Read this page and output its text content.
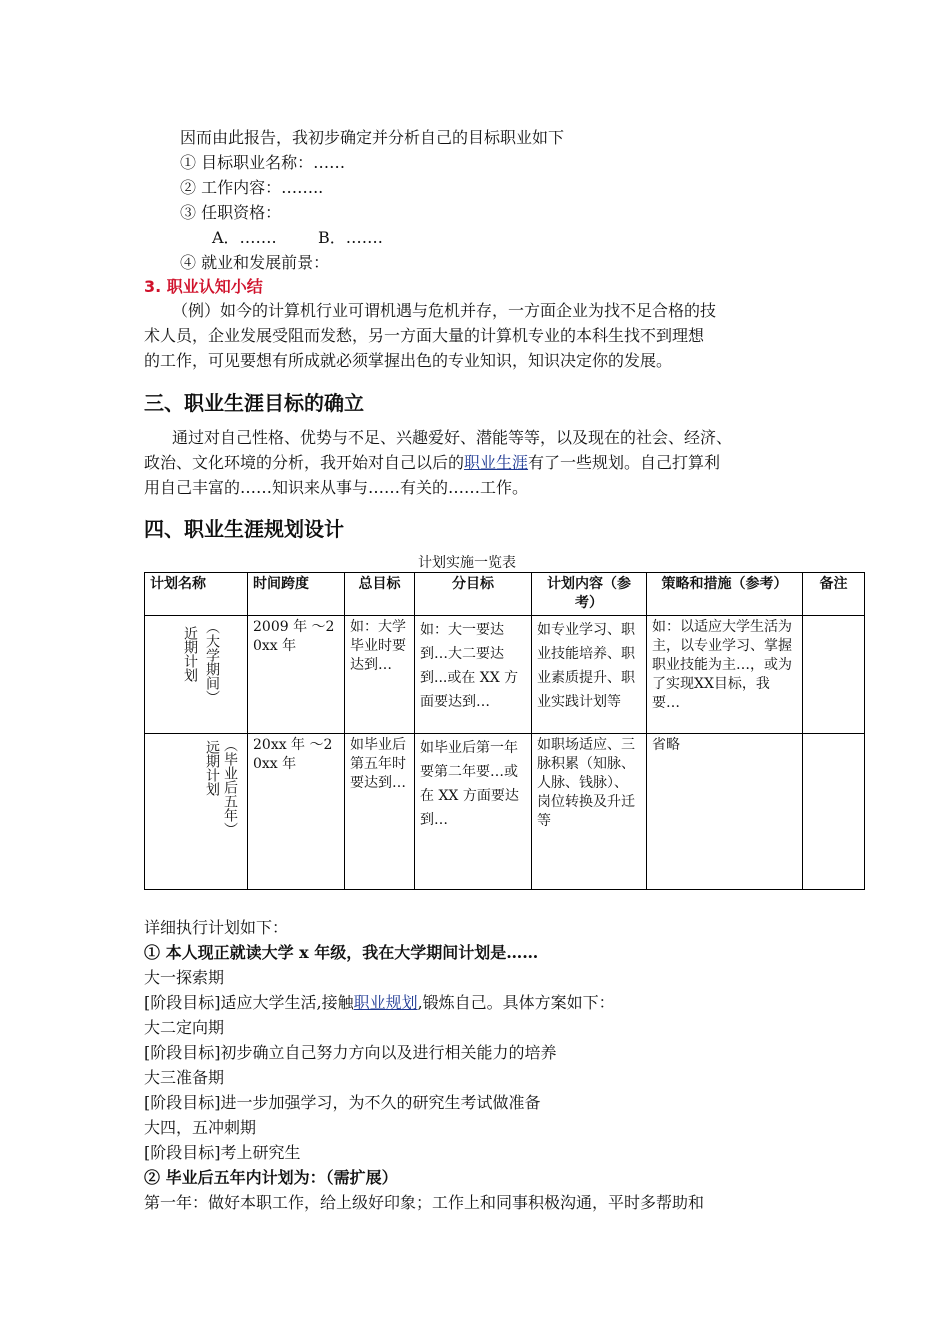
因而由此报告，我初步确定并分析自己的目标职业如下
① 目标职业名称：……
② 工作内容：……..
③ 任职资格：
A．…….	B．…….
④ 就业和发展前景：
3. 职业认知小结
（例）如今的计算机行业可谓机遇与危机并存，一方面企业为找不足合格的技
术人员，企业发展受阻而发愁，另一方面大量的计算机专业的本科生找不到理想
的工作，可见要想有所成就必须掌握出色的专业知识，知识决定你的发展。
三、职业生涯目标的确立
通过对自己性格、优势与不足、兴趣爱好、潜能等等，以及现在的社会、经济、
政治、文化环境的分析，我开始对自己以后的职业生涯有了一些规划。自己打算利
用自己丰富的……知识来从事与……有关的……工作。
四、职业生涯规划设计
计划实施一览表
计划名称	时间跨度	总目标	分目标	计划内容（参考）	策略和措施（参考）	备注

近期计划 （大学期间）	2009 年 ～20xx 年	如：大学毕业时要达到…	如：大一要达到…大二要达到...或在 XX 方面要达到…	如专业学习、职业技能培养、职业素质提升、职业实践计划等	如：以适应大学生活为主，以专业学习、掌握职业技能为主…，或为了实现XX目标，我要…	

远期计划 （毕业后五年）	20xx 年 ～20xx 年	如毕业后第五年时要达到…	如毕业后第一年要第二年要…或在 XX 方面要达到…	如职场适应、三脉积累（知脉、人脉、钱脉）、岗位转换及升迁等	省略	
详细执行计划如下：
① 本人现正就读大学 x 年级，我在大学期间计划是……
大一探索期
[阶段目标]适应大学生活,接触职业规划,锻炼自己。具体方案如下：
大二定向期
[阶段目标]初步确立自己努力方向以及进行相关能力的培养
大三准备期
[阶段目标]进一步加强学习，为不久的研究生考试做准备
大四，五冲刺期
[阶段目标]考上研究生
② 毕业后五年内计划为：（需扩展）
第一年：做好本职工作，给上级好印象；工作上和同事积极沟通，平时多帮助和
